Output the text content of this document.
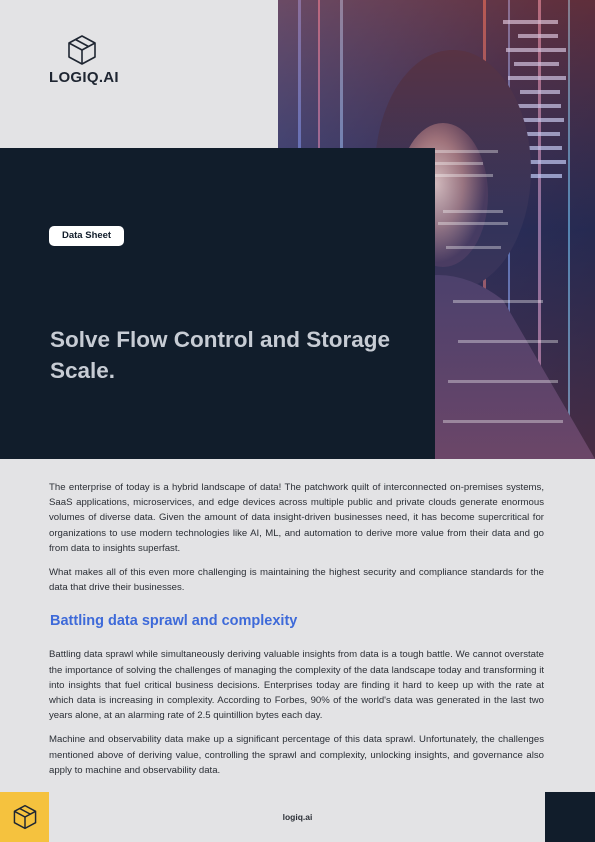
LOGIQ.AI
Data Sheet
Solve Flow Control and Storage Scale.

The enterprise of today is a hybrid landscape of data! The patchwork quilt of interconnected on-premises systems, SaaS applications, microservices, and edge devices across multiple public and private clouds generate enormous volumes of diverse data. Given the amount of data insight-driven businesses need, it has become supercritical for organizations to use modern technologies like AI, ML, and automation to derive more value from their data and go from data to insights superfast.

What makes all of this even more challenging is maintaining the highest security and compliance standards for the data that drive their businesses.

Battling data sprawl and complexity

Battling data sprawl while simultaneously deriving valuable insights from data is a tough battle. We cannot overstate the importance of solving the challenges of managing the complexity of the data landscape today and transforming it into insights that fuel critical business decisions. Enterprises today are finding it hard to keep up with the rate at which data is increasing in complexity. According to Forbes, 90% of the world's data was generated in the last two years alone, at an alarming rate of 2.5 quintillion bytes each day.

Machine and observability data make up a significant percentage of this data sprawl. Unfortunately, the challenges mentioned above of deriving value, controlling the sprawl and complexity, unlocking insights, and governance also apply to machine and observability data.

logiq.ai
